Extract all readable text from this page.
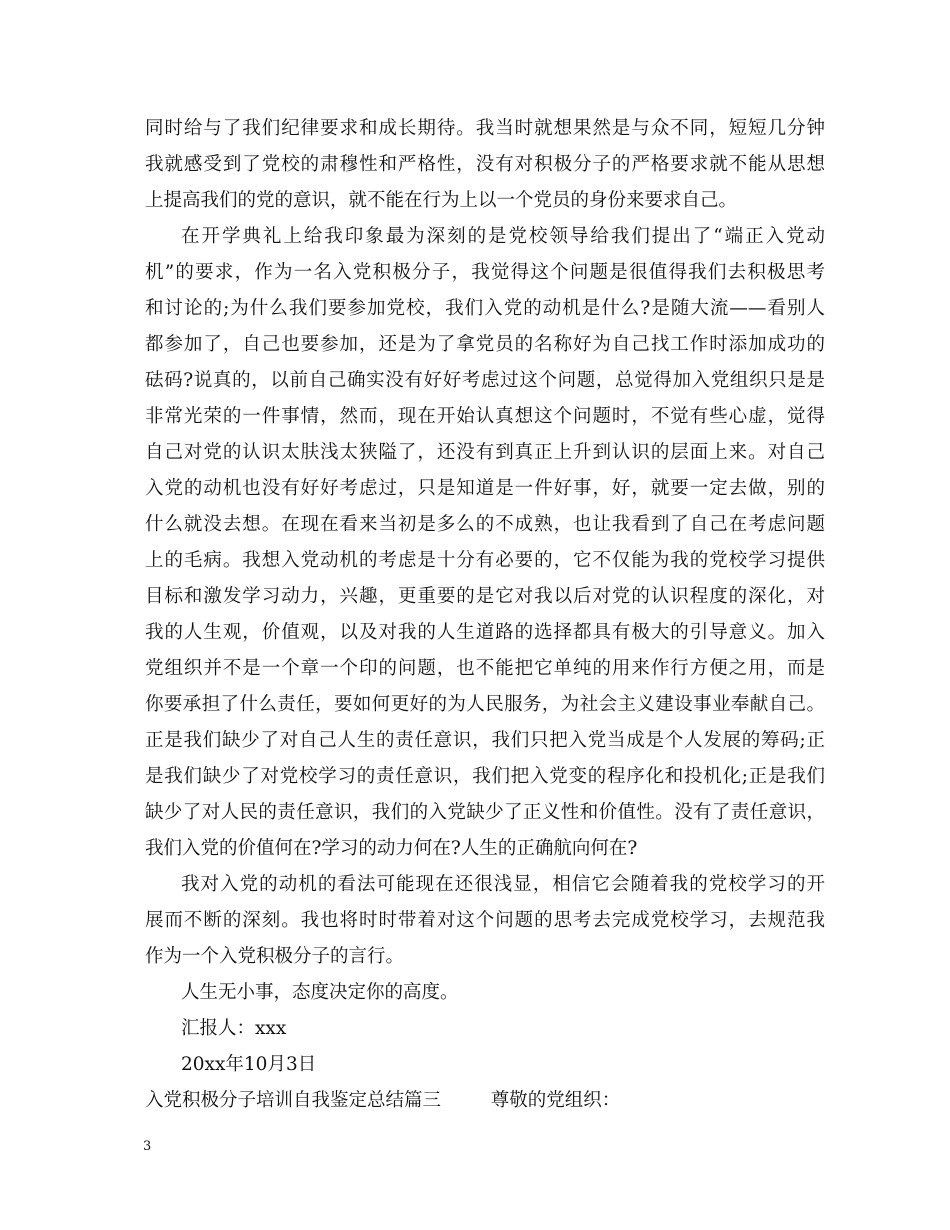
同时给与了我们纪律要求和成长期待。我当时就想果然是与众不同，短短几分钟
我就感受到了党校的肃穆性和严格性，没有对积极分子的严格要求就不能从思想
上提高我们的党的意识，就不能在行为上以一个党员的身份来要求自己。
在开学典礼上给我印象最为深刻的是党校领导给我们提出了“端正入党动
机”的要求，作为一名入党积极分子，我觉得这个问题是很值得我们去积极思考
和讨论的;为什么我们要参加党校，我们入党的动机是什么?是随大流——看别人
都参加了，自己也要参加，还是为了拿党员的名称好为自己找工作时添加成功的
砝码?说真的，以前自己确实没有好好考虑过这个问题，总觉得加入党组织只是是
非常光荣的一件事情，然而，现在开始认真想这个问题时，不觉有些心虚，觉得
自己对党的认识太肤浅太狭隘了，还没有到真正上升到认识的层面上来。对自己
入党的动机也没有好好考虑过，只是知道是一件好事，好，就要一定去做，别的
什么就没去想。在现在看来当初是多么的不成熟，也让我看到了自己在考虑问题
上的毛病。我想入党动机的考虑是十分有必要的，它不仅能为我的党校学习提供
目标和激发学习动力，兴趣，更重要的是它对我以后对党的认识程度的深化，对
我的人生观，价值观，以及对我的人生道路的选择都具有极大的引导意义。加入
党组织并不是一个章一个印的问题，也不能把它单纯的用来作行方便之用，而是
你要承担了什么责任，要如何更好的为人民服务，为社会主义建设事业奉献自己。
正是我们缺少了对自己人生的责任意识，我们只把入党当成是个人发展的筹码;正
是我们缺少了对党校学习的责任意识，我们把入党变的程序化和投机化;正是我们
缺少了对人民的责任意识，我们的入党缺少了正义性和价值性。没有了责任意识，
我们入党的价值何在?学习的动力何在?人生的正确航向何在?
我对入党的动机的看法可能现在还很浅显，相信它会随着我的党校学习的开
展而不断的深刻。我也将时时带着对这个问题的思考去完成党校学习，去规范我
作为一个入党积极分子的言行。
人生无小事，态度决定你的高度。
汇报人：xxx
20xx年10月3日
入党积极分子培训自我鉴定总结篇三	尊敬的党组织：
3
